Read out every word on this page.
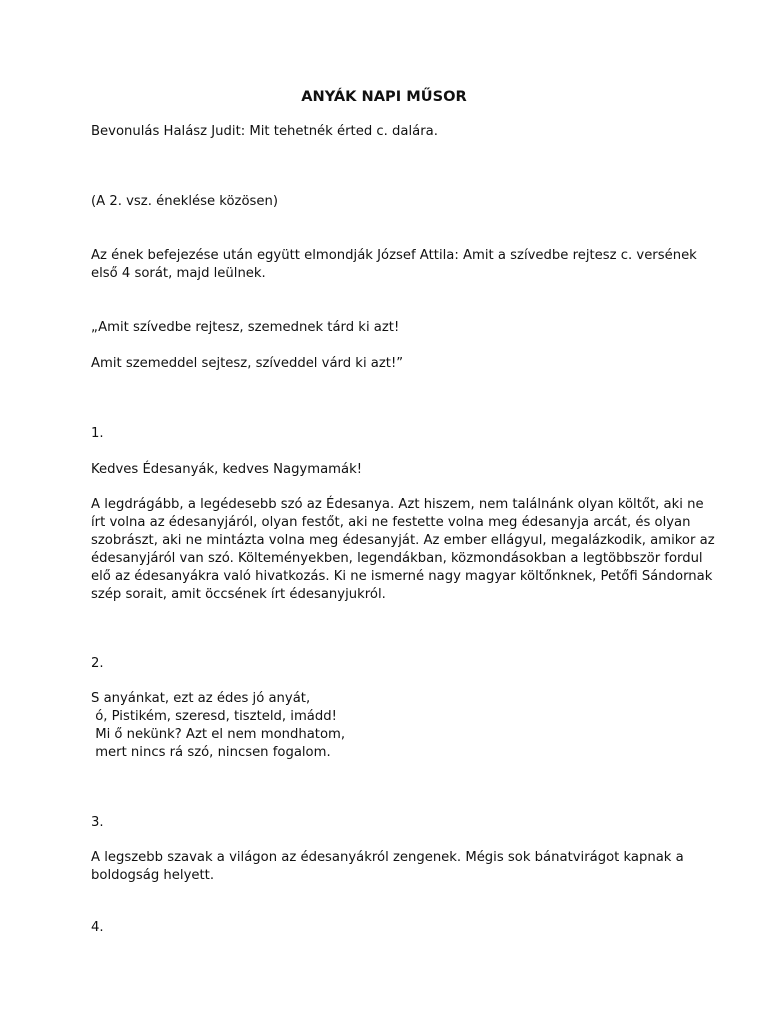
ANYÁK NAPI MŰSOR

Bevonulás Halász Judit: Mit tehetnék érted c. dalára.

(A 2. vsz. éneklése közösen)

Az ének befejezése után együtt elmondják József Attila: Amit a szívedbe rejtesz c. versének

első 4 sorát, majd leülnek.

„Amit szívedbe rejtesz, szemednek tárd ki azt!

Amit szemeddel sejtesz, szíveddel várd ki azt!”

1.

Kedves Édesanyák, kedves Nagymamák!

A legdrágább, a legédesebb szó az Édesanya. Azt hiszem, nem találnánk olyan költőt, aki ne

írt volna az édesanyjáról, olyan festőt, aki ne festette volna meg édesanyja arcát, és olyan

szobrászt, aki ne mintázta volna meg édesanyját. Az ember ellágyul, megalázkodik, amikor az

édesanyjáról van szó. Költeményekben, legendákban, közmondásokban a legtöbbször fordul

elő az édesanyákra való hivatkozás. Ki ne ismerné nagy magyar költőnknek, Petőfi Sándornak

szép sorait, amit öccsének írt édesanyjukról.

2.

S anyánkat, ezt az édes jó anyát,

ó, Pistikém, szeresd, tiszteld, imádd!

Mi ő nekünk? Azt el nem mondhatom,

mert nincs rá szó, nincsen fogalom.

3.

A legszebb szavak a világon az édesanyákról zengenek. Mégis sok bánatvirágot kapnak a

boldogság helyett.

4.
